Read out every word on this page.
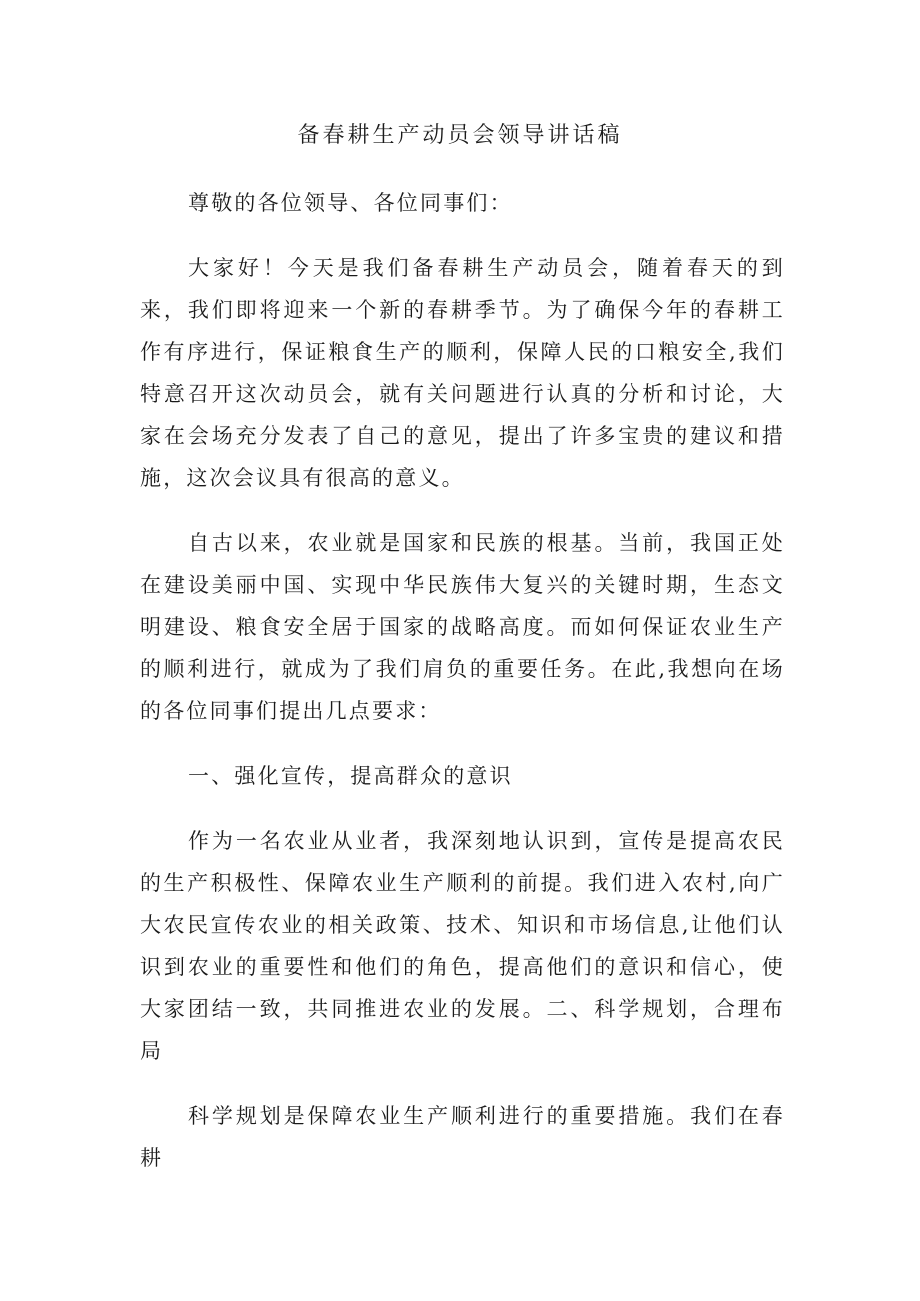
备春耕生产动员会领导讲话稿

尊敬的各位领导、各位同事们：

大家好！今天是我们备春耕生产动员会，随着春天的到来，我们即将迎来一个新的春耕季节。为了确保今年的春耕工作有序进行，保证粮食生产的顺利，保障人民的口粮安全,我们特意召开这次动员会，就有关问题进行认真的分析和讨论，大家在会场充分发表了自己的意见，提出了许多宝贵的建议和措施，这次会议具有很高的意义。

自古以来，农业就是国家和民族的根基。当前，我国正处在建设美丽中国、实现中华民族伟大复兴的关键时期，生态文明建设、粮食安全居于国家的战略高度。而如何保证农业生产的顺利进行，就成为了我们肩负的重要任务。在此,我想向在场的各位同事们提出几点要求：

一、强化宣传，提高群众的意识

作为一名农业从业者，我深刻地认识到，宣传是提高农民的生产积极性、保障农业生产顺利的前提。我们进入农村,向广大农民宣传农业的相关政策、技术、知识和市场信息,让他们认识到农业的重要性和他们的角色，提高他们的意识和信心，使大家团结一致，共同推进农业的发展。二、科学规划，合理布局

科学规划是保障农业生产顺利进行的重要措施。我们在春耕
